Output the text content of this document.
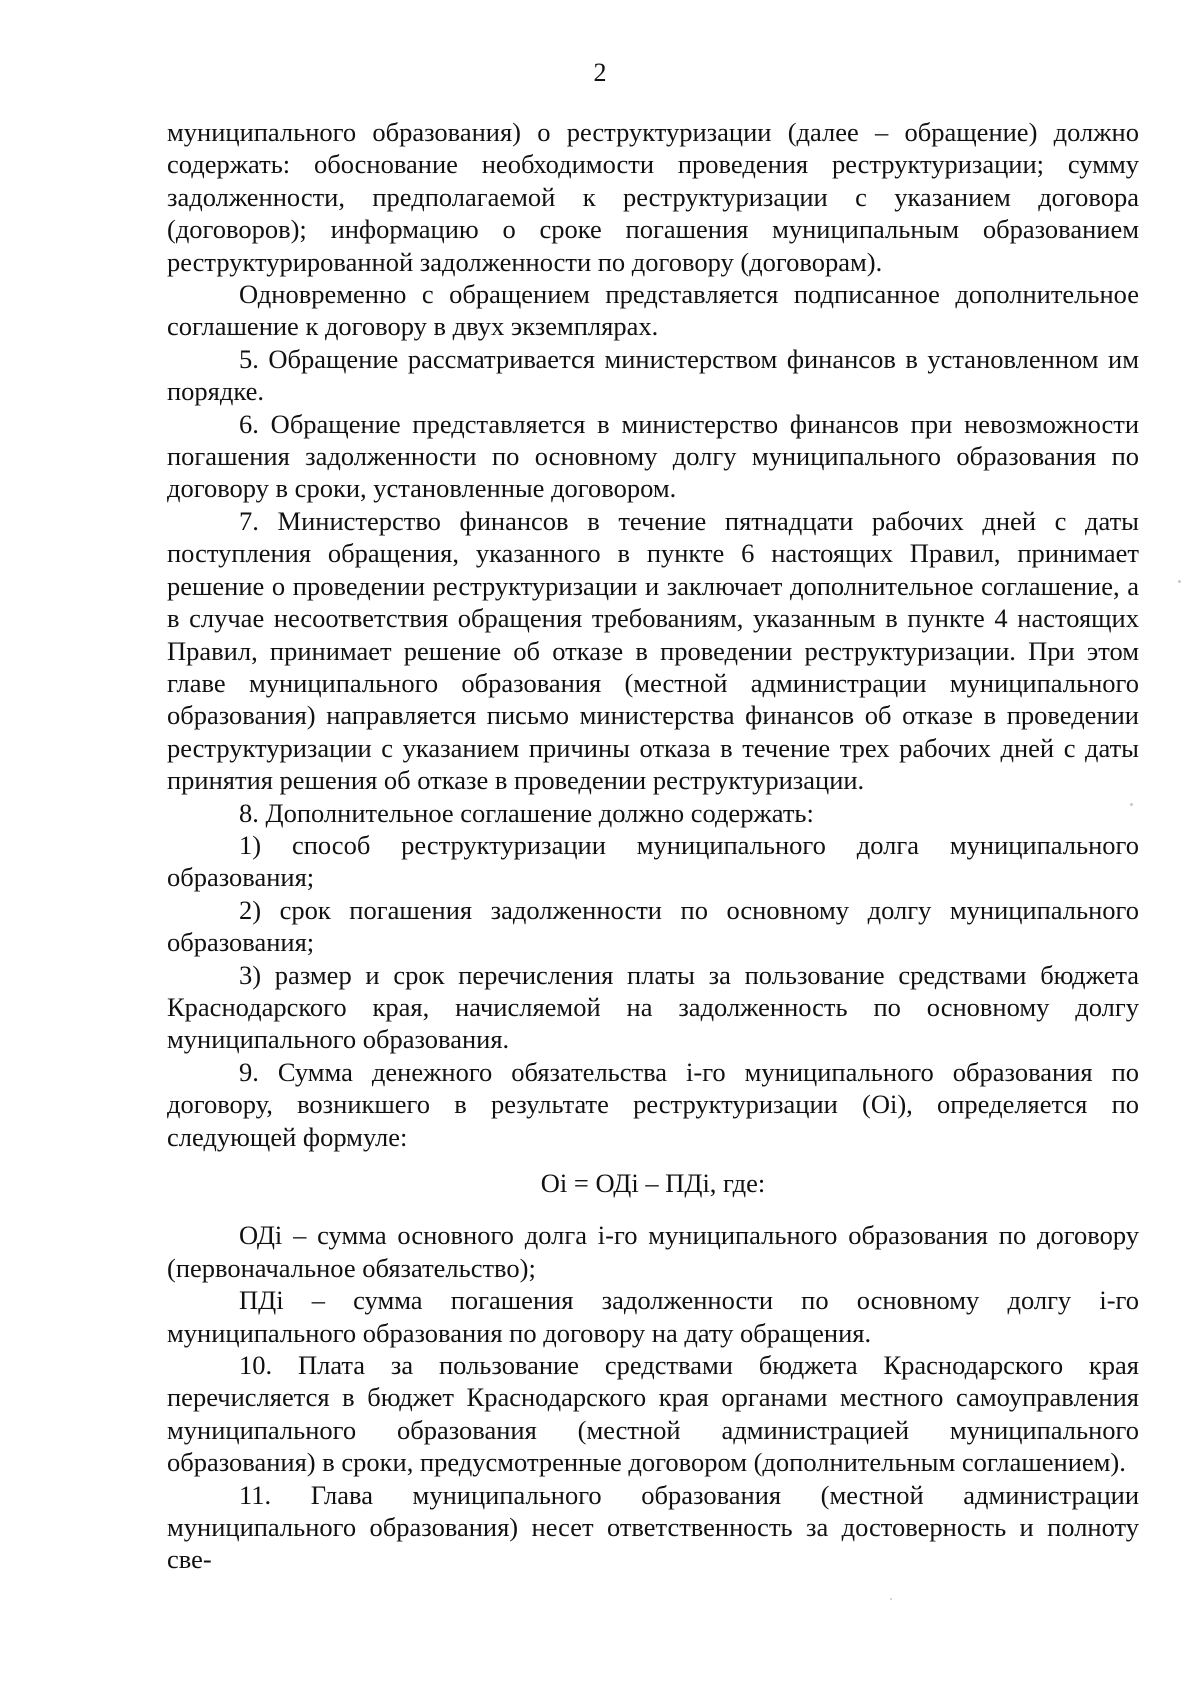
2

муниципального образования) о реструктуризации (далее – обращение) должно содержать: обоснование необходимости проведения реструктуризации; сумму задолженности, предполагаемой к реструктуризации с указанием договора (договоров); информацию о сроке погашения муниципальным образованием реструктурированной задолженности по договору (договорам).

Одновременно с обращением представляется подписанное дополнительное соглашение к договору в двух экземплярах.

5. Обращение рассматривается министерством финансов в установленном им порядке.

6. Обращение представляется в министерство финансов при невозможности погашения задолженности по основному долгу муниципального образования по договору в сроки, установленные договором.

7. Министерство финансов в течение пятнадцати рабочих дней с даты поступления обращения, указанного в пункте 6 настоящих Правил, принимает решение о проведении реструктуризации и заключает дополнительное соглашение, а в случае несоответствия обращения требованиям, указанным в пункте 4 настоящих Правил, принимает решение об отказе в проведении реструктуризации. При этом главе муниципального образования (местной администрации муниципального образования) направляется письмо министерства финансов об отказе в проведении реструктуризации с указанием причины отказа в течение трех рабочих дней с даты принятия решения об отказе в проведении реструктуризации.

8. Дополнительное соглашение должно содержать:

1) способ реструктуризации муниципального долга муниципального образования;

2) срок погашения задолженности по основному долгу муниципального образования;

3) размер и срок перечисления платы за пользование средствами бюджета Краснодарского края, начисляемой на задолженность по основному долгу муниципального образования.

9. Сумма денежного обязательства i-го муниципального образования по договору, возникшего в результате реструктуризации (Оi), определяется по следующей формуле:

Оi = ОДi – ПДi, где:

ОДi – сумма основного долга i-го муниципального образования по договору (первоначальное обязательство);

ПДi – сумма погашения задолженности по основному долгу i-го муниципального образования по договору на дату обращения.

10. Плата за пользование средствами бюджета Краснодарского края перечисляется в бюджет Краснодарского края органами местного самоуправления муниципального образования (местной администрацией муниципального образования) в сроки, предусмотренные договором (дополнительным соглашением).

11. Глава муниципального образования (местной администрации муниципального образования) несет ответственность за достоверность и полноту све-
